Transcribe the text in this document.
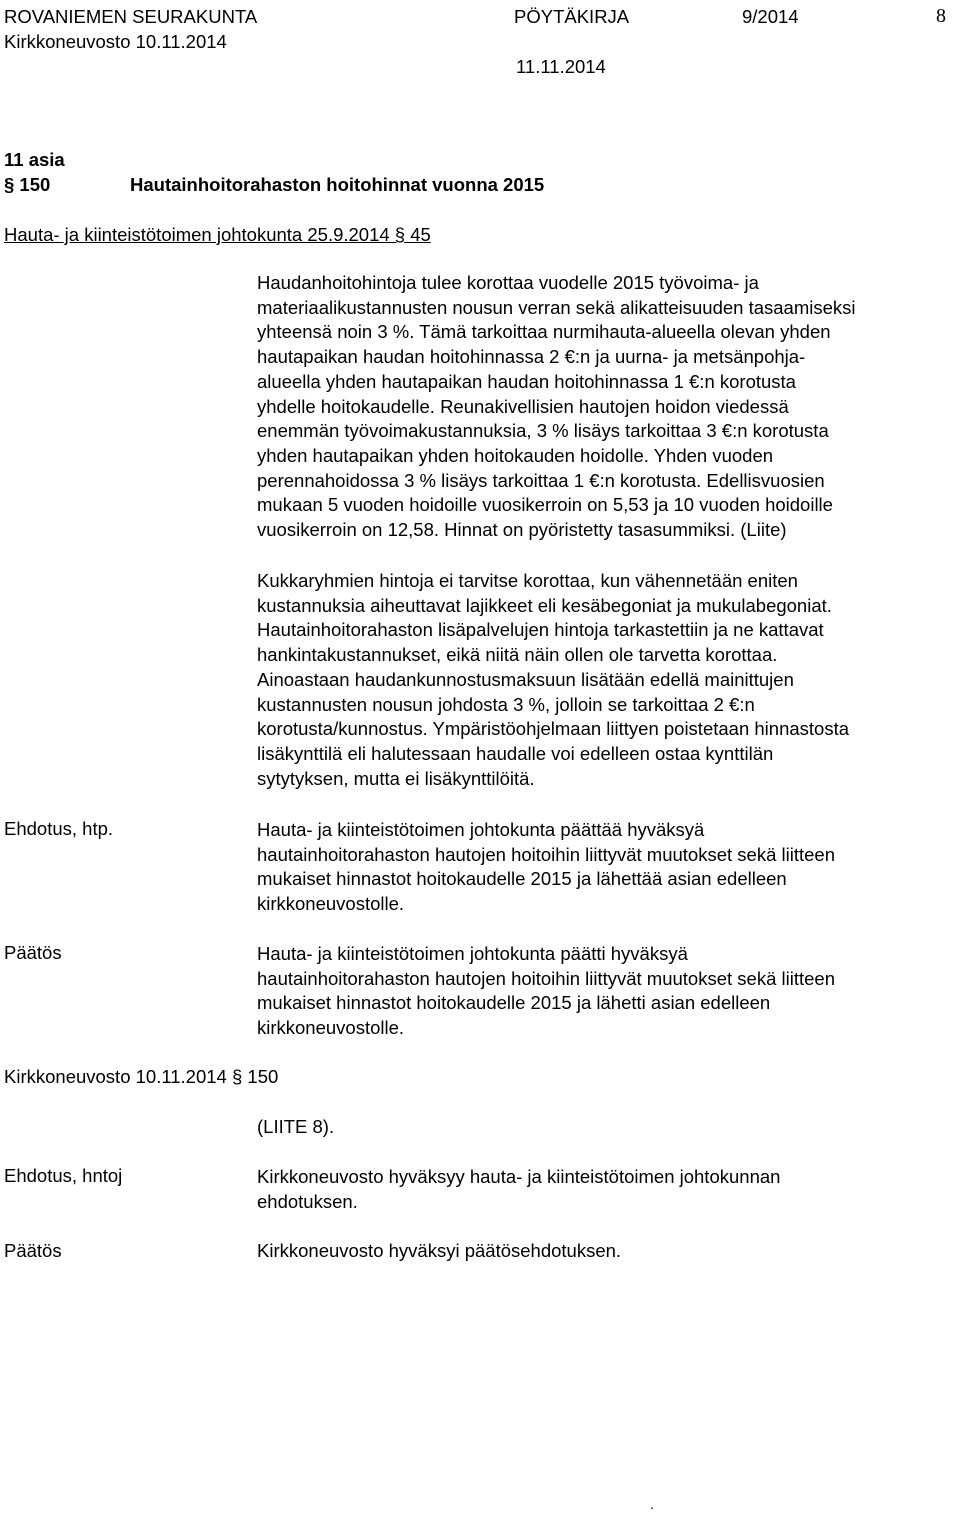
ROVANIEMEN SEURAKUNTA	PÖYTÄKIRJA	9/2014	8
Kirkkoneuvosto 10.11.2014
11.11.2014
11 asia
§ 150	Hautainhoitorahaston hoitohinnat vuonna 2015
Hauta- ja kiinteistötoimen johtokunta 25.9.2014 § 45
Haudanhoitohintoja tulee korottaa vuodelle 2015 työvoima- ja
materiaalikustannusten nousun verran sekä alikatteisuuden tasaamiseksi
yhteensä noin 3 %. Tämä tarkoittaa nurmihauta-alueella olevan yhden
hautapaikan haudan hoitohinnassa 2 €:n ja uurna- ja metsänpohja-
alueella yhden hautapaikan haudan hoitohinnassa 1 €:n korotusta
yhdelle hoitokaudelle. Reunakivellisien hautojen hoidon viedessä
enemmän työvoimakustannuksia, 3 % lisäys tarkoittaa 3 €:n korotusta
yhden hautapaikan yhden hoitokauden hoidolle. Yhden vuoden
perennahoidossa 3 % lisäys tarkoittaa 1 €:n korotusta. Edellisvuosien
mukaan 5 vuoden hoidoille vuosikerroin on 5,53 ja 10 vuoden hoidoille
vuosikerroin on 12,58. Hinnat on pyöristetty tasasummiksi. (Liite)
Kukkaryhmien hintoja ei tarvitse korottaa, kun vähennetään eniten
kustannuksia aiheuttavat lajikkeet eli kesäbegoniat ja mukulabegoniat.
Hautainhoitorahaston lisäpalvelujen hintoja tarkastettiin ja ne kattavat
hankintakustannukset, eikä niitä näin ollen ole tarvetta korottaa.
Ainoastaan haudankunnostusmaksuun lisätään edellä mainittujen
kustannusten nousun johdosta 3 %, jolloin se tarkoittaa 2 €:n
korotusta/kunnostus. Ympäristöohjelmaan liittyen poistetaan hinnastosta
lisäkynttilä eli halutessaan haudalle voi edelleen ostaa kynttilän
sytytyksen, mutta ei lisäkynttilöitä.
Ehdotus, htp.	Hauta- ja kiinteistötoimen johtokunta päättää hyväksyä
hautainhoitorahaston hautojen hoitoihin liittyvät muutokset sekä liitteen
mukaiset hinnastot hoitokaudelle 2015 ja lähettää asian edelleen
kirkkoneuvostolle.
Päätös	Hauta- ja kiinteistötoimen johtokunta päätti hyväksyä
hautainhoitorahaston hautojen hoitoihin liittyvät muutokset sekä liitteen
mukaiset hinnastot hoitokaudelle 2015 ja lähetti asian edelleen
kirkkoneuvostolle.
Kirkkoneuvosto 10.11.2014 § 150
(LIITE 8).
Ehdotus, hntoj	Kirkkoneuvosto hyväksyy hauta- ja kiinteistötoimen johtokunnan
ehdotuksen.
Päätös	Kirkkoneuvosto hyväksyi päätösehdotuksen.
.
